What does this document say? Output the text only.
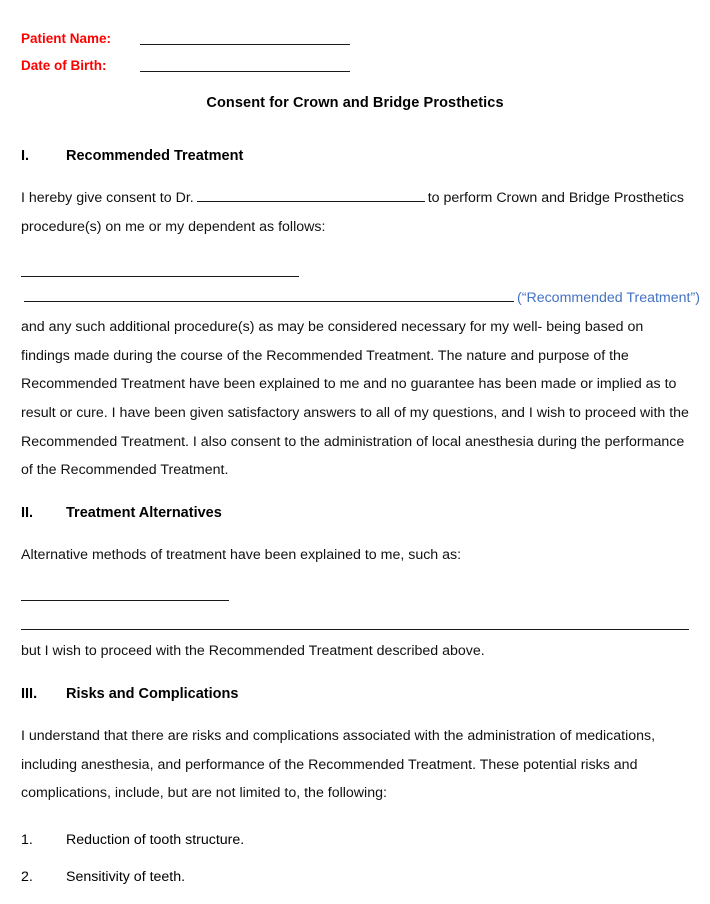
Patient Name:
Date of Birth:
Consent for Crown and Bridge Prosthetics
I.	Recommended Treatment

I hereby give consent to Dr.	to perform Crown and Bridge Prosthetics procedure(s) on me or my dependent as follows:

(“Recommended Treatment”)

and any such additional procedure(s) as may be considered necessary for my well- being based on findings made during the course of the Recommended Treatment. The nature and purpose of the Recommended Treatment have been explained to me and no guarantee has been made or implied as to result or cure. I have been given satisfactory answers to all of my questions, and I wish to proceed with the Recommended Treatment. I also consent to the administration of local anesthesia during the performance of the Recommended Treatment.

II.	Treatment Alternatives

Alternative methods of treatment have been explained to me, such as:

but I wish to proceed with the Recommended Treatment described above.

III.	Risks and Complications

I understand that there are risks and complications associated with the administration of medications, including anesthesia, and performance of the Recommended Treatment. These potential risks and complications, include, but are not limited to, the following:

1.	Reduction of tooth structure.
2.	Sensitivity of teeth.
